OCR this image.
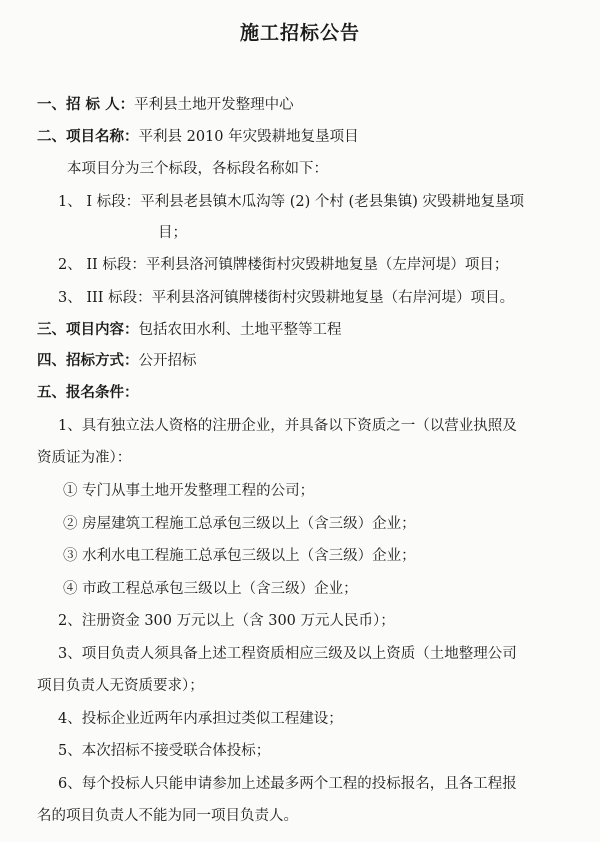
施工招标公告
一、招 标 人：平利县土地开发整理中心
二、项目名称：平利县 2010 年灾毁耕地复垦项目
本项目分为三个标段，各标段名称如下：
1、 I 标段：平利县老县镇木瓜沟等 (2) 个村 (老县集镇) 灾毁耕地复垦项
目；
2、 II 标段：平利县洛河镇牌楼街村灾毁耕地复垦（左岸河堤）项目；
3、 III 标段：平利县洛河镇牌楼街村灾毁耕地复垦（右岸河堤）项目。
三、项目内容：包括农田水利、土地平整等工程
四、招标方式：公开招标
五、报名条件：
1、具有独立法人资格的注册企业，并具备以下资质之一（以营业执照及
资质证为准）：
① 专门从事土地开发整理工程的公司；
② 房屋建筑工程施工总承包三级以上（含三级）企业；
③ 水利水电工程施工总承包三级以上（含三级）企业；
④ 市政工程总承包三级以上（含三级）企业；
2、注册资金 300 万元以上（含 300 万元人民币）；
3、项目负责人须具备上述工程资质相应三级及以上资质（土地整理公司
项目负责人无资质要求）；
4、投标企业近两年内承担过类似工程建设；
5、本次招标不接受联合体投标；
6、每个投标人只能申请参加上述最多两个工程的投标报名，且各工程报
名的项目负责人不能为同一项目负责人。
